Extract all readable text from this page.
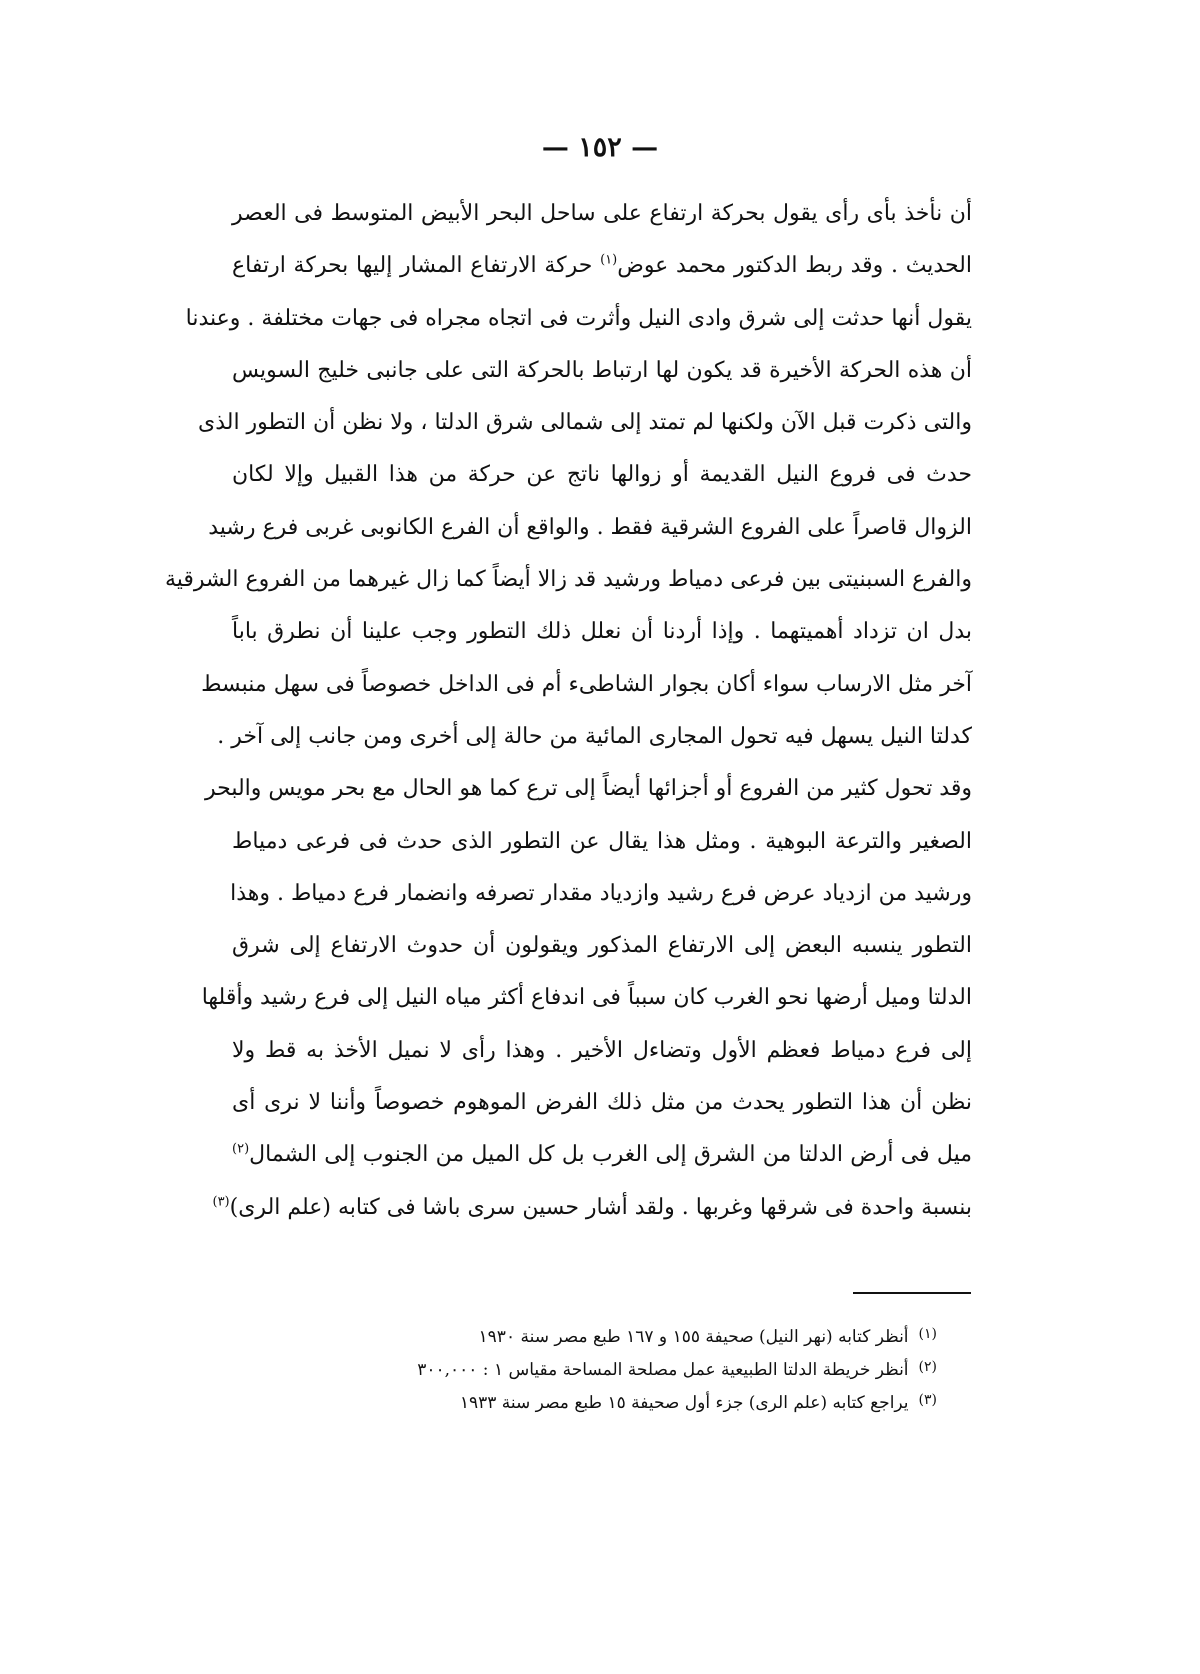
— ١٥٢ —
أن نأخذ بأى رأى يقول بحركة ارتفاع على ساحل البحر الأبيض المتوسط فى العصر
الحديث . وقد ربط الدكتور محمد عوض$^{(١)}$ حركة الارتفاع المشار إليها بحركة ارتفاع
يقول أنها حدثت إلى شرق وادى النيل وأثرت فى اتجاه مجراه فى جهات مختلفة . وعندنا
أن هذه الحركة الأخيرة قد يكون لها ارتباط بالحركة التى على جانبى خليج السويس
والتى ذكرت قبل الآن ولكنها لم تمتد إلى شمالى شرق الدلتا ، ولا نظن أن التطور الذى
حدث فى فروع النيل القديمة أو زوالها ناتج عن حركة من هذا القبيل وإلا لكان
الزوال قاصراً على الفروع الشرقية فقط . والواقع أن الفرع الكانوبى غربى فرع رشيد
والفرع السبنيتى بين فرعى دمياط ورشيد قد زالا أيضاً كما زال غيرهما من الفروع الشرقية
بدل ان تزداد أهميتهما . وإذا أردنا أن نعلل ذلك التطور وجب علينا أن نطرق باباً
آخر مثل الارساب سواء أكان بجوار الشاطىء أم فى الداخل خصوصاً فى سهل منبسط
كدلتا النيل يسهل فيه تحول المجارى المائية من حالة إلى أخرى ومن جانب إلى آخر .
وقد تحول كثير من الفروع أو أجزائها أيضاً إلى ترع كما هو الحال مع بحر مويس والبحر
الصغير والترعة البوهية . ومثل هذا يقال عن التطور الذى حدث فى فرعى دمياط
ورشيد من ازدياد عرض فرع رشيد وازدياد مقدار تصرفه وانضمار فرع دمياط . وهذا
التطور ينسبه البعض إلى الارتفاع المذكور ويقولون أن حدوث الارتفاع إلى شرق
الدلتا وميل أرضها نحو الغرب كان سبباً فى اندفاع أكثر مياه النيل إلى فرع رشيد وأقلها
إلى فرع دمياط فعظم الأول وتضاءل الأخير . وهذا رأى لا نميل الأخذ به قط ولا
نظن أن هذا التطور يحدث من مثل ذلك الفرض الموهوم خصوصاً وأننا لا نرى أى
ميل فى أرض الدلتا من الشرق إلى الغرب بل كل الميل من الجنوب إلى الشمال$^{(٢)}$
بنسبة واحدة فى شرقها وغربها . ولقد أشار حسين سرى باشا فى كتابه (علم الرى)$^{(٣)}$
(١)أنظر كتابه (نهر النيل) صحيفة ١٥٥ و ١٦٧ طبع مصر سنة ١٩٣٠
(٢)أنظر خريطة الدلتا الطبيعية عمل مصلحة المساحة مقياس ١ : ٣٠٠,٠٠٠
(٣)يراجع كتابه (علم الرى) جزء أول صحيفة ١٥ طبع مصر سنة ١٩٣٣
